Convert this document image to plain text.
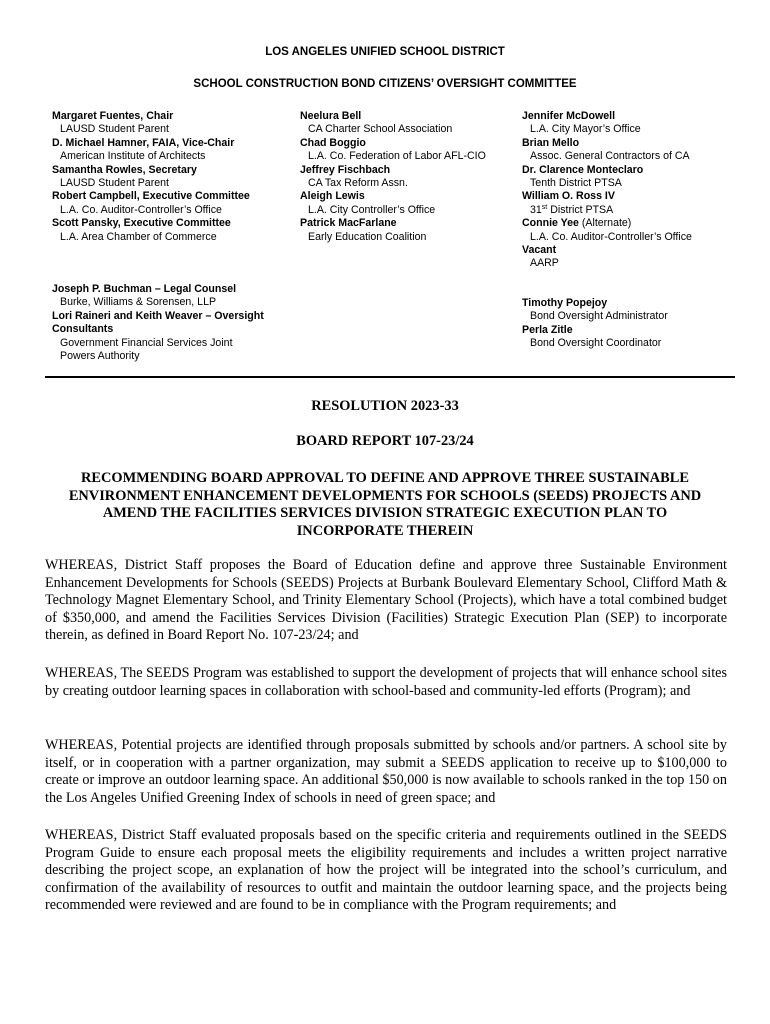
LOS ANGELES UNIFIED SCHOOL DISTRICT
SCHOOL CONSTRUCTION BOND CITIZENS’ OVERSIGHT COMMITTEE
Margaret Fuentes, Chair
LAUSD Student Parent
D. Michael Hamner, FAIA, Vice-Chair
American Institute of Architects
Samantha Rowles, Secretary
LAUSD Student Parent
Robert Campbell, Executive Committee
L.A. Co. Auditor-Controller’s Office
Scott Pansky, Executive Committee
L.A. Area Chamber of Commerce
Neelura Bell
CA Charter School Association
Chad Boggio
L.A. Co. Federation of Labor AFL-CIO
Jeffrey Fischbach
CA Tax Reform Assn.
Aleigh Lewis
L.A. City Controller’s Office
Patrick MacFarlane
Early Education Coalition
Jennifer McDowell
L.A. City Mayor’s Office
Brian Mello
Assoc. General Contractors of CA
Dr. Clarence Monteclaro
Tenth District PTSA
William O. Ross IV
31st District PTSA
Connie Yee (Alternate)
L.A. Co. Auditor-Controller’s Office
Vacant
AARP
Joseph P. Buchman – Legal Counsel
Burke, Williams & Sorensen, LLP
Lori Raineri and Keith Weaver – Oversight
Consultants
Government Financial Services Joint
Powers Authority
Timothy Popejoy
Bond Oversight Administrator
Perla Zitle
Bond Oversight Coordinator
RESOLUTION 2023-33
BOARD REPORT 107-23/24
RECOMMENDING BOARD APPROVAL TO DEFINE AND APPROVE THREE SUSTAINABLE
ENVIRONMENT ENHANCEMENT DEVELOPMENTS FOR SCHOOLS (SEEDS) PROJECTS AND
AMEND THE FACILITIES SERVICES DIVISION STRATEGIC EXECUTION PLAN TO
INCORPORATE THEREIN
WHEREAS, District Staff proposes the Board of Education define and approve three Sustainable Environment Enhancement Developments for Schools (SEEDS) Projects at Burbank Boulevard Elementary School, Clifford Math & Technology Magnet Elementary School, and Trinity Elementary School (Projects), which have a total combined budget of $350,000, and amend the Facilities Services Division (Facilities) Strategic Execution Plan (SEP) to incorporate therein, as defined in Board Report No. 107-23/24; and
WHEREAS, The SEEDS Program was established to support the development of projects that will enhance school sites by creating outdoor learning spaces in collaboration with school-based and community-led efforts (Program); and
WHEREAS, Potential projects are identified through proposals submitted by schools and/or partners. A school site by itself, or in cooperation with a partner organization, may submit a SEEDS application to receive up to $100,000 to create or improve an outdoor learning space. An additional $50,000 is now available to schools ranked in the top 150 on the Los Angeles Unified Greening Index of schools in need of green space; and
WHEREAS, District Staff evaluated proposals based on the specific criteria and requirements outlined in the SEEDS Program Guide to ensure each proposal meets the eligibility requirements and includes a written project narrative describing the project scope, an explanation of how the project will be integrated into the school’s curriculum, and confirmation of the availability of resources to outfit and maintain the outdoor learning space, and the projects being recommended were reviewed and are found to be in compliance with the Program requirements; and
